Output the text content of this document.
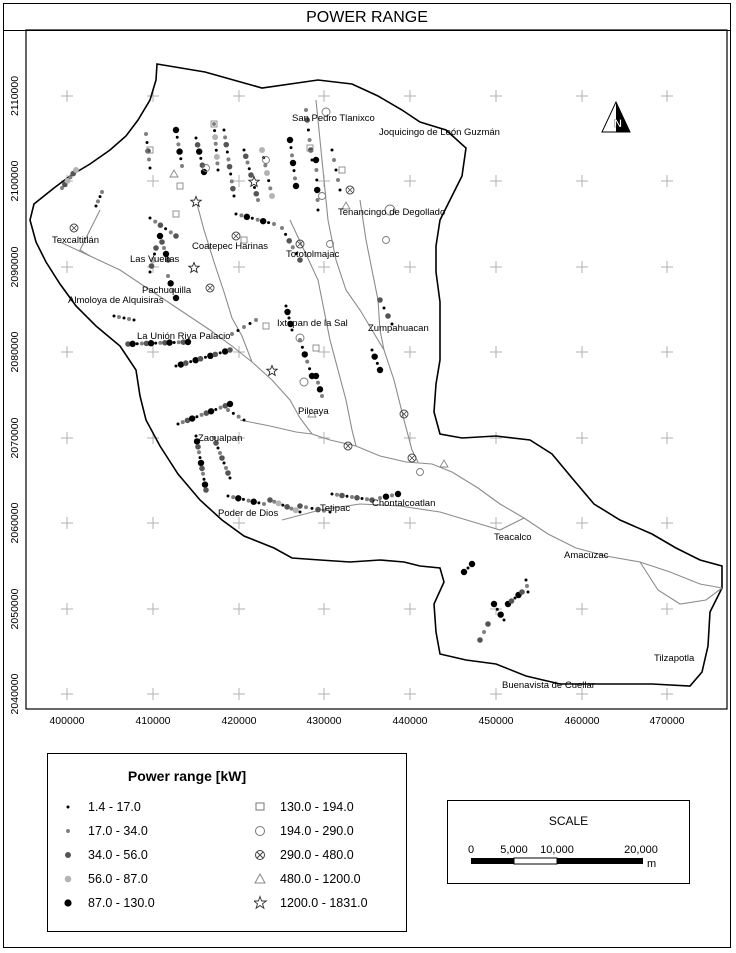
POWER RANGE
400000	410000	420000	430000	440000	450000	460000	470000
2040000
2050000
2060000
2070000
2080000
2090000
2100000
2110000
San Pedro Tlanixco
Joquicingo de León Guzmán
Tenancingo de Degollado
Texcaltitlán
Coatepec Harinas
Tototolmajac
Las Vueltas
Pachuquilla
Almoloya de Alquisiras
Ixtapan de la Sal Zumpahuacan
La Unión Riva Palacio
Pilcaya
Zacualpan
Poder de Dios	Tetipac Chontalcoatlan
Teacalco
Amacuzac
Tilzapotla
Buenavista de Cuellar
N
Power range [kW]
1.4 - 17.0
17.0 - 34.0
34.0 - 56.0
56.0 - 87.0
87.0 - 130.0
130.0 - 194.0
194.0 - 290.0
290.0 - 480.0
480.0 - 1200.0
1200.0 - 1831.0
SCALE
0 5,000 10,000	20,000
m
